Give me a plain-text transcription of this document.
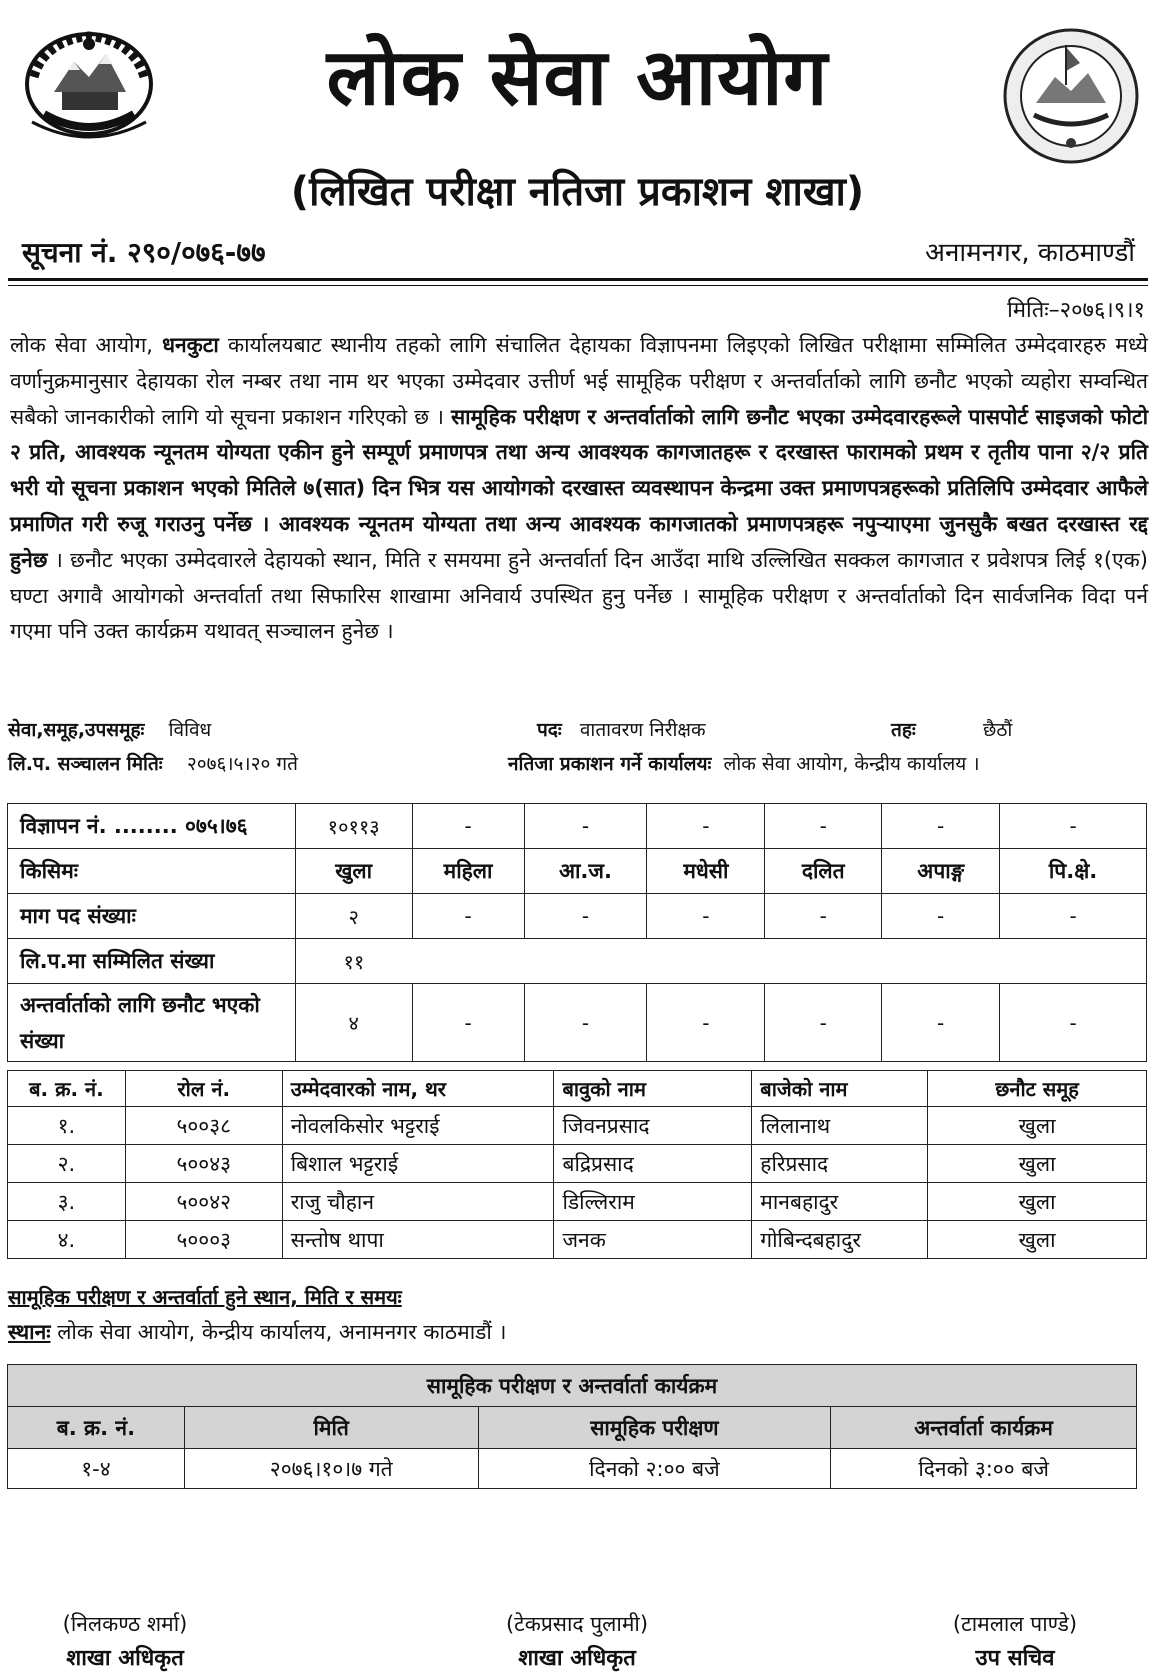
लोक सेवा आयोग
(लिखित परीक्षा नतिजा प्रकाशन शाखा)
सूचना नं. २९०/०७६-७७	अनामनगर, काठमाण्डौं
मितिः–२०७६।९।१
लोक सेवा आयोग, धनकुटा कार्यालयबाट स्थानीय तहको लागि संचालित देहायका विज्ञापनमा लिइएको लिखित परीक्षामा सम्मिलित उम्मेदवारहरु मध्ये वर्णानुक्रमानुसार देहायका रोल नम्बर तथा नाम थर भएका उम्मेदवार उत्तीर्ण भई सामूहिक परीक्षण र अन्तर्वार्ताको लागि छनौट भएको व्यहोरा सम्वन्धित सबैको जानकारीको लागि यो सूचना प्रकाशन गरिएको छ । सामूहिक परीक्षण र अन्तर्वार्ताको लागि छनौट भएका उम्मेदवारहरूले पासपोर्ट साइजको फोटो २ प्रति, आवश्यक न्यूनतम योग्यता एकीन हुने सम्पूर्ण प्रमाणपत्र तथा अन्य आवश्यक कागजातहरू र दरखास्त फारामको प्रथम र तृतीय पाना २/२ प्रति भरी यो सूचना प्रकाशन भएको मितिले ७(सात) दिन भित्र यस आयोगको दरखास्त व्यवस्थापन केन्द्रमा उक्त प्रमाणपत्रहरूको प्रतिलिपि उम्मेदवार आफैले प्रमाणित गरी रुजू गराउनु पर्नेछ । आवश्यक न्यूनतम योग्यता तथा अन्य आवश्यक कागजातको प्रमाणपत्रहरू नपुर्‍याएमा जुनसुकै बखत दरखास्त रद्द हुनेछ । छनौट भएका उम्मेदवारले देहायको स्थान, मिति र समयमा हुने अन्तर्वार्ता दिन आउँदा माथि उल्लिखित सक्कल कागजात र प्रवेशपत्र लिई १(एक) घण्टा अगावै आयोगको अन्तर्वार्ता तथा सिफारिस शाखामा अनिवार्य उपस्थित हुनु पर्नेछ । सामूहिक परीक्षण र अन्तर्वार्ताको दिन सार्वजनिक विदा पर्न गएमा पनि उक्त कार्यक्रम यथावत् सञ्चालन हुनेछ ।
सेवा,समूह,उपसमूहः विविध	पदः वातावरण निरीक्षक	तहः	छैठौं
लि.प. सञ्चालन मितिः २०७६।५।२० गते	नतिजा प्रकाशन गर्ने कार्यालयः लोक सेवा आयोग, केन्द्रीय कार्यालय ।
विज्ञापन नं. ........ ०७५।७६	१०११३	-	-	-	-	-	-
किसिमः	खुला	महिला	आ.ज.	मधेसी	दलित	अपाङ्ग	पि.क्षे.
माग पद संख्याः	२	-	-	-	-	-	-
लि.प.मा सम्मिलित संख्या	११						
अन्तर्वार्ताको लागि छनौट भएको संख्या	४	-	-	-	-	-	-
ब. क्र. नं.	रोल नं.	उम्मेदवारको नाम, थर	बावुको नाम	बाजेको नाम	छनौट समूह
१.	५००३८	नोवलकिसोर भट्टराई	जिवनप्रसाद	लिलानाथ	खुला
२.	५००४३	बिशाल भट्टराई	बद्रिप्रसाद	हरिप्रसाद	खुला
३.	५००४२	राजु चौहान	डिल्लिराम	मानबहादुर	खुला
४.	५०००३	सन्तोष थापा	जनक	गोबिन्दबहादुर	खुला
सामूहिक परीक्षण र अन्तर्वार्ता हुने स्थान, मिति र समयः
स्थानः लोक सेवा आयोग, केन्द्रीय कार्यालय, अनामनगर काठमाडौं ।
सामूहिक परीक्षण र अन्तर्वार्ता कार्यक्रम			
ब. क्र. नं.	मिति	सामूहिक परीक्षण	अन्तर्वार्ता कार्यक्रम
१-४	२०७६।१०।७ गते	दिनको २:०० बजे	दिनको ३:०० बजे
(निलकण्ठ शर्मा)
शाखा अधिकृत
(टेकप्रसाद पुलामी)
शाखा अधिकृत
(टामलाल पाण्डे)
उप सचिव
